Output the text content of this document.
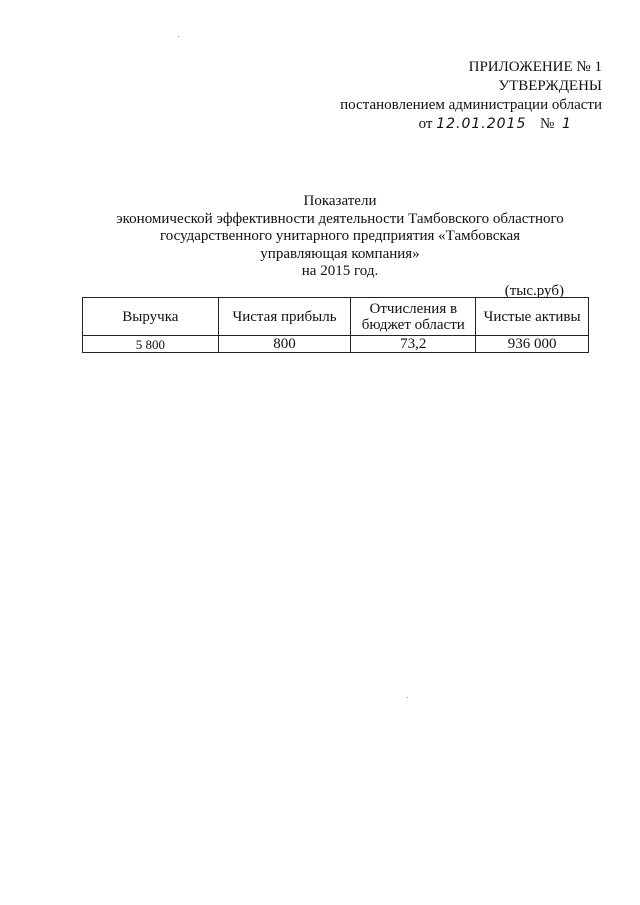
ПРИЛОЖЕНИЕ № 1
УТВЕРЖДЕНЫ
постановлением администрации области
от 12.01.2015 № 1
Показатели
экономической эффективности деятельности Тамбовского областного
государственного унитарного предприятия «Тамбовская
управляющая компания»
на 2015 год.
(тыс.руб)
Выручка	Чистая прибыль	Отчисления в бюджет области	Чистые активы
5 800	800	73,2	936 000
